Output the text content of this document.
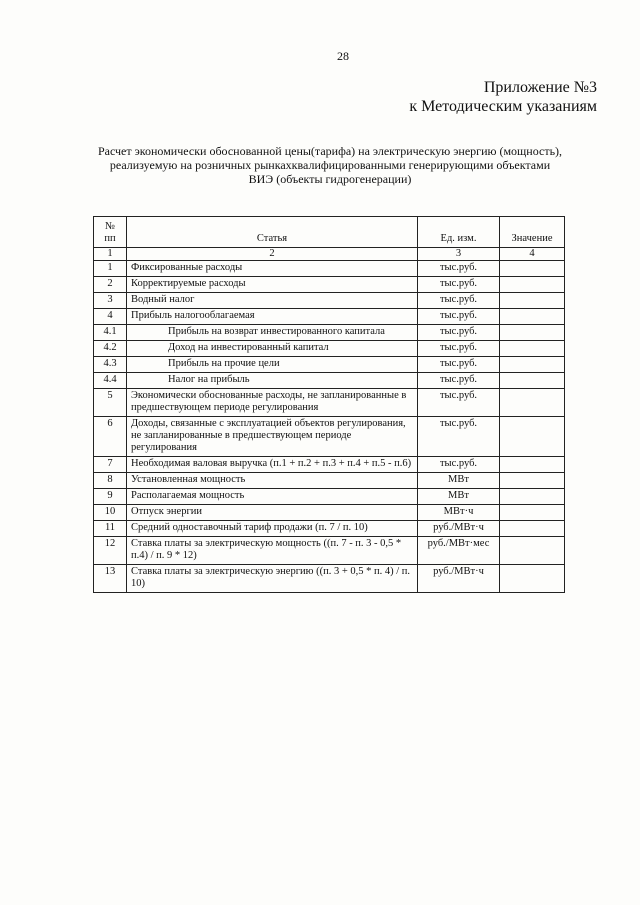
28
Приложение №3
к Методическим указаниям
Расчет экономически обоснованной цены(тарифа) на электрическую энергию (мощность),
реализуемую на розничных рынкахквалифицированными генерирующими объектами
ВИЭ (объекты гидрогенерации)
№
пп	Статья	Ед. изм.	Значение
1	2	3	4
1	Фиксированные расходы	тыс.руб.	
2	Корректируемые расходы	тыс.руб.	
3	Водный налог	тыс.руб.	
4	Прибыль налогооблагаемая	тыс.руб.	
4.1	Прибыль на возврат инвестированного капитала	тыс.руб.	
4.2	Доход на инвестированный капитал	тыс.руб.	
4.3	Прибыль на прочие цели	тыс.руб.	
4.4	Налог на прибыль	тыс.руб.	
5	Экономически обоснованные расходы, не запланированные в предшествующем периоде регулирования	тыс.руб.	
6	Доходы, связанные с эксплуатацией объектов регулирования, не запланированные в предшествующем периоде регулирования	тыс.руб.	
7	Необходимая валовая выручка (п.1 + п.2 + п.3 + п.4 + п.5 - п.6)	тыс.руб.	
8	Установленная мощность	МВт	
9	Располагаемая мощность	МВт	
10	Отпуск энергии	МВт·ч	
11	Средний одноставочный тариф продажи (п. 7 / п. 10)	руб./МВт·ч	
12	Ставка платы за электрическую мощность ((п. 7 - п. 3 - 0,5 * п.4) / п. 9 * 12)	руб./МВт·мес	
13	Ставка платы за электрическую энергию ((п. 3 + 0,5 * п. 4) / п. 10)	руб./МВт·ч	
